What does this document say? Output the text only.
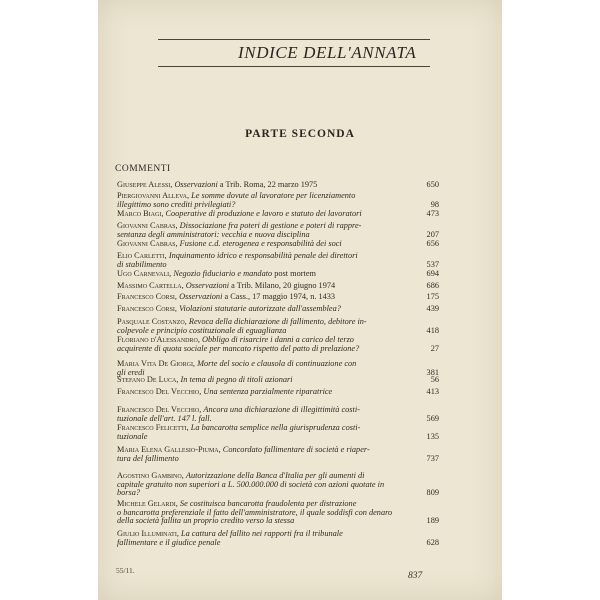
INDICE DELL'ANNATA
PARTE SECONDA
COMMENTI
Giuseppe Alessi, Osservazioni a Trib. Roma, 22 marzo 1975	650
Piergiovanni Alleva, Le somme dovute al lavoratore per licenziamento
illegittimo sono crediti privilegiati?	98
Marco Biagi, Cooperative di produzione e lavoro e statuto dei lavoratori	473
Giovanni Cabras, Dissociazione fra poteri di gestione e poteri di rappre-
sentanza degli amministratori: vecchia e nuova disciplina	207
Giovanni Cabras, Fusione c.d. eterogenea e responsabilità dei soci	656
Elio Carletti, Inquinamento idrico e responsabilità penale dei direttori
di stabilimento	537
Ugo Carnevali, Negozio fiduciario e mandato post mortem	694
Massimo Cartella, Osservazioni a Trib. Milano, 20 giugno 1974	686
Francesco Corsi, Osservazioni a Cass., 17 maggio 1974, n. 1433	175
Francesco Corsi, Violazioni statutarie autorizzate dall'assemblea?	439
Pasquale Costanzo, Revoca della dichiarazione di fallimento, debitore in-
colpevole e principio costituzionale di eguaglianza	418
Floriano d'Alessandro, Obbligo di risarcire i danni a carico del terzo
acquirente di quota sociale per mancato rispetto del patto di prelazione?	27
Maria Vita De Giorgi, Morte del socio e clausola di continuazione con
gli eredi	381
Stefano De Luca, In tema di pegno di titoli azionari	56
Francesco Del Vecchio, Una sentenza parzialmente riparatrice	413
Francesco Del Vecchio, Ancora una dichiarazione di illegittimità costi-
tuzionale dell'art. 147 l. fall.	569
Francesco Felicetti, La bancarotta semplice nella giurisprudenza costi-
tuzionale	135
Maria Elena Gallesio-Piuma, Concordato fallimentare di società e riaper-
tura del fallimento	737
Agostino Gambino, Autorizzazione della Banca d'Italia per gli aumenti di
capitale gratuito non superiori a L. 500.000.000 di società con azioni quotate in borsa?	809
Michele Gelardi, Se costituisca bancarotta fraudolenta per distrazione
o bancarotta preferenziale il fatto dell'amministratore, il quale soddisfi con denaro della società fallita un proprio credito verso la stessa	189
Giulio Illuminati, La cattura del fallito nei rapporti fra il tribunale
fallimentare e il giudice penale	628
837
55/11.
